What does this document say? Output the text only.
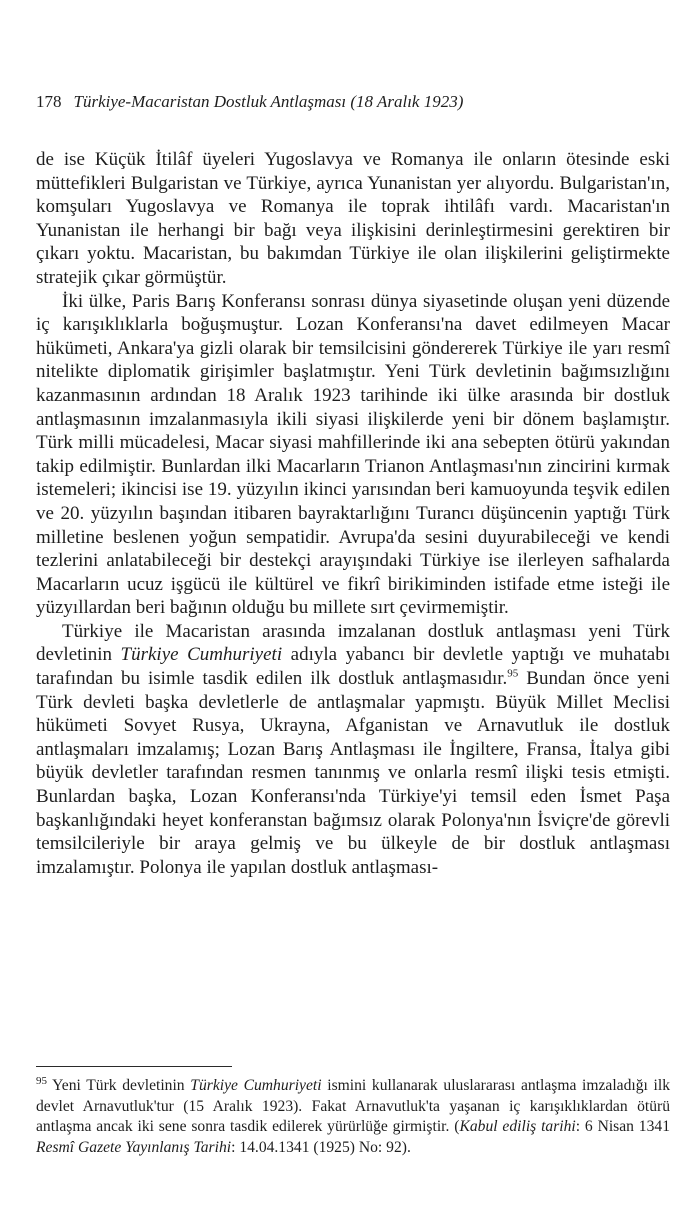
178 Türkiye-Macaristan Dostluk Antlaşması (18 Aralık 1923)

de ise Küçük İtilâf üyeleri Yugoslavya ve Romanya ile onların ötesinde eski müttefikleri Bulgaristan ve Türkiye, ayrıca Yunanistan yer alıyordu. Bulgaristan'ın, komşuları Yugoslavya ve Romanya ile toprak ihtilâfı vardı. Macaristan'ın Yunanistan ile herhangi bir bağı veya ilişkisini derinleştirmesini gerektiren bir çıkarı yoktu. Macaristan, bu bakımdan Türkiye ile olan ilişkilerini geliştirmekte stratejik çıkar görmüştür.

İki ülke, Paris Barış Konferansı sonrası dünya siyasetinde oluşan yeni düzende iç karışıklıklarla boğuşmuştur. Lozan Konferansı'na davet edilmeyen Macar hükümeti, Ankara'ya gizli olarak bir temsilcisini göndererek Türkiye ile yarı resmî nitelikte diplomatik girişimler başlatmıştır. Yeni Türk devletinin bağımsızlığını kazanmasının ardından 18 Aralık 1923 tarihinde iki ülke arasında bir dostluk antlaşmasının imzalanmasıyla ikili siyasi ilişkilerde yeni bir dönem başlamıştır. Türk milli mücadelesi, Macar siyasi mahfillerinde iki ana sebepten ötürü yakından takip edilmiştir. Bunlardan ilki Macarların Trianon Antlaşması'nın zincirini kırmak istemeleri; ikincisi ise 19. yüzyılın ikinci yarısından beri kamuoyunda teşvik edilen ve 20. yüzyılın başından itibaren bayraktarlığını Turancı düşüncenin yaptığı Türk milletine beslenen yoğun sempatidir. Avrupa'da sesini duyurabileceği ve kendi tezlerini anlatabileceği bir destekçi arayışındaki Türkiye ise ilerleyen safhalarda Macarların ucuz işgücü ile kültürel ve fikrî birikiminden istifade etme isteği ile yüzyıllardan beri bağının olduğu bu millete sırt çevirmemiştir.

Türkiye ile Macaristan arasında imzalanan dostluk antlaşması yeni Türk devletinin Türkiye Cumhuriyeti adıyla yabancı bir devletle yaptığı ve muhatabı tarafından bu isimle tasdik edilen ilk dostluk antlaşmasıdır.$^{95}$ Bundan önce yeni Türk devleti başka devletlerle de antlaşmalar yapmıştı. Büyük Millet Meclisi hükümeti Sovyet Rusya, Ukrayna, Afganistan ve Arnavutluk ile dostluk antlaşmaları imzalamış; Lozan Barış Antlaşması ile İngiltere, Fransa, İtalya gibi büyük devletler tarafından resmen tanınmış ve onlarla resmî ilişki tesis etmişti. Bunlardan başka, Lozan Konferansı'nda Türkiye'yi temsil eden İsmet Paşa başkanlığındaki heyet konferanstan bağımsız olarak Polonya'nın İsviçre'de görevli temsilcileriyle bir araya gelmiş ve bu ülkeyle de bir dostluk antlaşması imzalamıştır. Polonya ile yapılan dostluk antlaşması-

$^{95}$ Yeni Türk devletinin Türkiye Cumhuriyeti ismini kullanarak uluslararası antlaşma imzaladığı ilk devlet Arnavutluk'tur (15 Aralık 1923). Fakat Arnavutluk'ta yaşanan iç karışıklıklardan ötürü antlaşma ancak iki sene sonra tasdik edilerek yürürlüğe girmiştir. (Kabul ediliş tarihi: 6 Nisan 1341 Resmî Gazete Yayınlanış Tarihi: 14.04.1341 (1925) No: 92).
